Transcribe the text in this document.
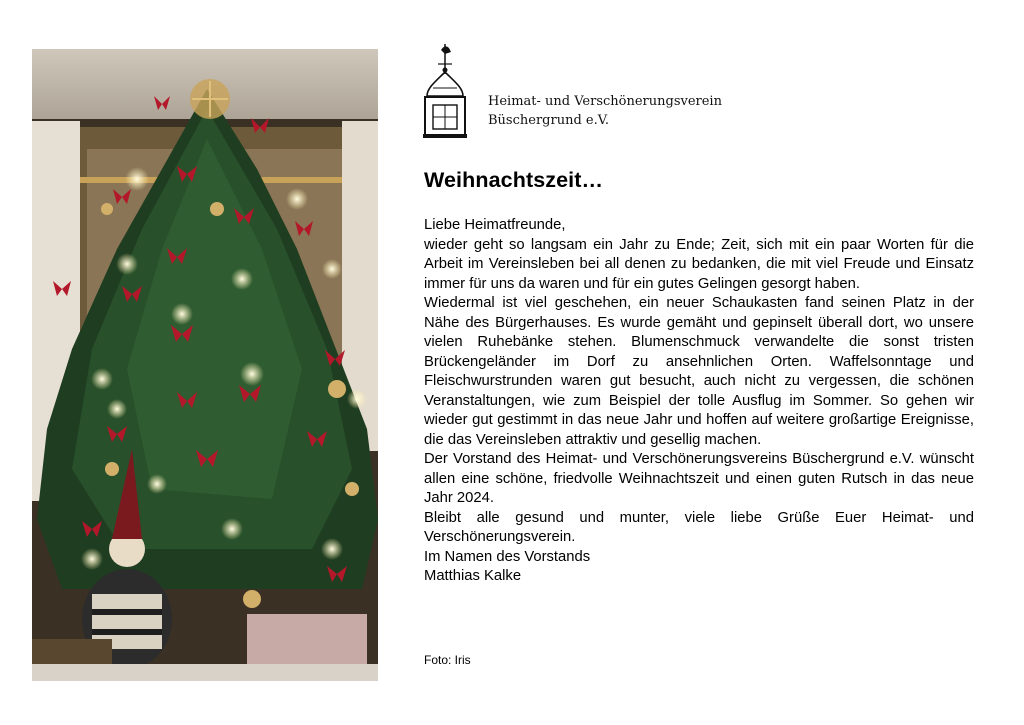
Heimat- und Verschönerungsverein
Büschergrund e.V.
Weihnachtszeit…

Liebe Heimatfreunde,

wieder geht so langsam ein Jahr zu Ende; Zeit, sich mit ein paar Worten für die Arbeit im Vereinsleben bei all denen zu bedanken, die mit viel Freude und Einsatz immer für uns da waren und für ein gutes Gelingen gesorgt haben.

Wiedermal ist viel geschehen, ein neuer Schaukasten fand seinen Platz in der Nähe des Bürgerhauses. Es wurde gemäht und gepinselt überall dort, wo unsere vielen Ruhebänke stehen. Blumenschmuck verwandelte die sonst tristen Brückengeländer im Dorf zu ansehnlichen Orten. Waffelsonntage und Fleischwurstrunden waren gut besucht, auch nicht zu vergessen, die schönen Veranstaltungen, wie zum Beispiel der tolle Ausflug im Sommer. So gehen wir wieder gut gestimmt in das neue Jahr und hoffen auf weitere großartige Ereignisse, die das Vereinsleben attraktiv und gesellig machen.

Der Vorstand des Heimat- und Verschönerungsvereins Büschergrund e.V. wünscht allen eine schöne, friedvolle Weihnachtszeit und einen guten Rutsch in das neue Jahr 2024.

Bleibt alle gesund und munter, viele liebe Grüße Euer Heimat- und Verschönerungsverein.

Im Namen des Vorstands

Matthias Kalke

Foto: Iris
